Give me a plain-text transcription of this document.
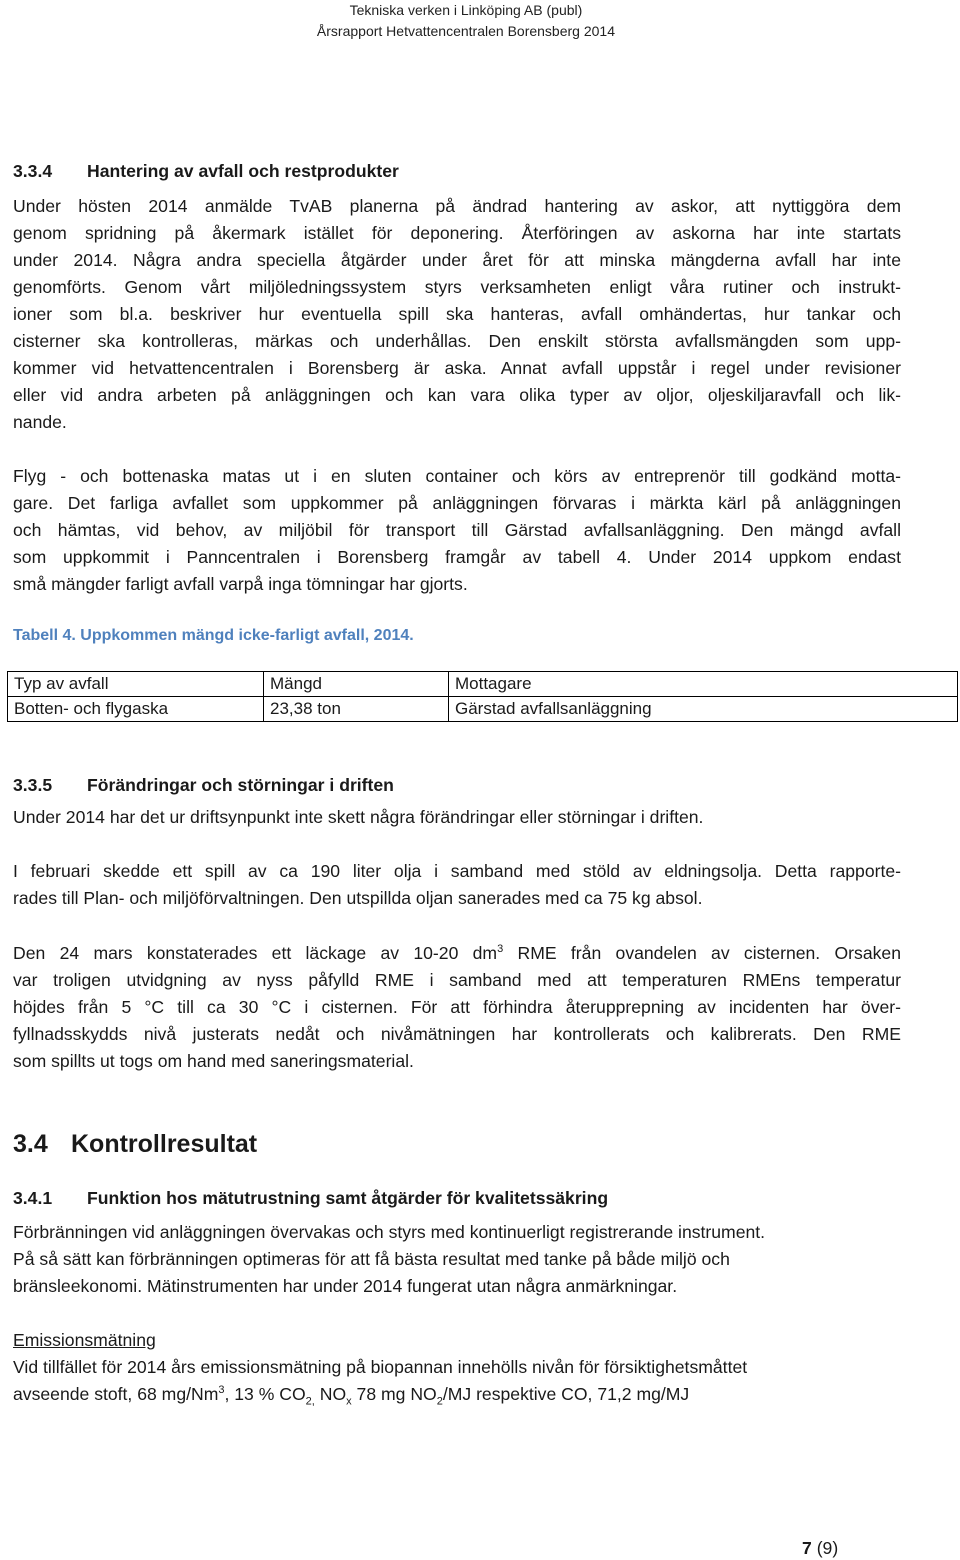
Tekniska verken i Linköping AB (publ)
Årsrapport Hetvattencentralen Borensberg 2014
3.3.4 Hantering av avfall och restprodukter
Under hösten 2014 anmälde TvAB planerna på ändrad hantering av askor, att nyttiggöra dem
genom spridning på åkermark istället för deponering. Återföringen av askorna har inte startats
under 2014. Några andra speciella åtgärder under året för att minska mängderna avfall har inte
genomförts. Genom vårt miljöledningssystem styrs verksamheten enligt våra rutiner och instrukt-
ioner som bl.a. beskriver hur eventuella spill ska hanteras, avfall omhändertas, hur tankar och
cisterner ska kontrolleras, märkas och underhållas. Den enskilt största avfallsmängden som upp-
kommer vid hetvattencentralen i Borensberg är aska. Annat avfall uppstår i regel under revisioner
eller vid andra arbeten på anläggningen och kan vara olika typer av oljor, oljeskiljaravfall och lik-
nande.
Flyg - och bottenaska matas ut i en sluten container och körs av entreprenör till godkänd motta-
gare. Det farliga avfallet som uppkommer på anläggningen förvaras i märkta kärl på anläggningen
och hämtas, vid behov, av miljöbil för transport till Gärstad avfallsanläggning. Den mängd avfall
som uppkommit i Panncentralen i Borensberg framgår av tabell 4. Under 2014 uppkom endast
små mängder farligt avfall varpå inga tömningar har gjorts.
Tabell 4. Uppkommen mängd icke-farligt avfall, 2014.
Typ av avfall	Mängd	Mottagare
Botten- och flygaska	23,38 ton	Gärstad avfallsanläggning
3.3.5 Förändringar och störningar i driften
Under 2014 har det ur driftsynpunkt inte skett några förändringar eller störningar i driften.
I februari skedde ett spill av ca 190 liter olja i samband med stöld av eldningsolja. Detta rapporte-
rades till Plan- och miljöförvaltningen. Den utspillda oljan sanerades med ca 75 kg absol.
Den 24 mars konstaterades ett läckage av 10-20 $dm^3$ RME från ovandelen av cisternen. Orsaken
var troligen utvidgning av nyss påfylld RME i samband med att temperaturen RMEns temperatur
höjdes från 5 °C till ca 30 °C i cisternen. För att förhindra återupprepning av incidenten har över-
fyllnadsskydds nivå justerats nedåt och nivåmätningen har kontrollerats och kalibrerats. Den RME
som spillts ut togs om hand med saneringsmaterial.
3.4 Kontrollresultat
3.4.1 Funktion hos mätutrustning samt åtgärder för kvalitetssäkring
Förbränningen vid anläggningen övervakas och styrs med kontinuerligt registrerande instrument.
På så sätt kan förbränningen optimeras för att få bästa resultat med tanke på både miljö och
bränsleekonomi. Mätinstrumenten har under 2014 fungerat utan några anmärkningar.
Emissionsmätning
Vid tillfället för 2014 års emissionsmätning på biopannan innehölls nivån för försiktighetsmåttet
avseende stoft, 68 mg/Nm$^3$, 13 % $CO_{2,}$ $NO_x$ 78 mg $NO_2/MJ$ respektive CO, 71,2 mg/MJ
7 (9)
